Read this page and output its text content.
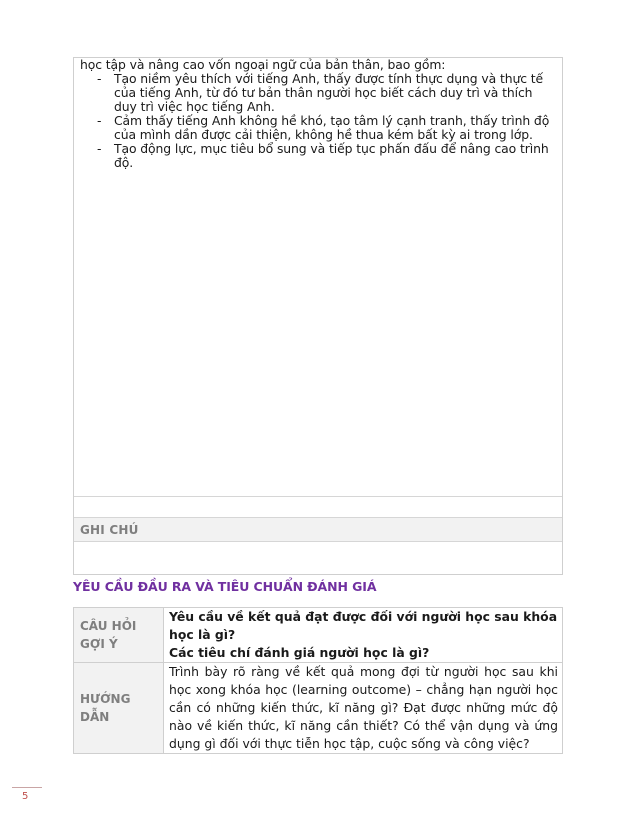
học tập và nâng cao vốn ngoại ngữ của bản thân, bao gồm:
- Tạo niềm yêu thích với tiếng Anh, thấy được tính thực dụng và thực tế của tiếng Anh, từ đó tư bản thân người học biết cách duy trì và thích duy trì việc học tiếng Anh.
- Cảm thấy tiếng Anh không hề khó, tạo tâm lý cạnh tranh, thấy trình độ của mình dần được cải thiện, không hề thua kém bất kỳ ai trong lớp.
- Tạo động lực, mục tiêu bổ sung và tiếp tục phấn đấu để nâng cao trình độ.
GHI CHÚ
YÊU CẦU ĐẦU RA VÀ TIÊU CHUẨN ĐÁNH GIÁ
CÂU HỎI GỢI Ý	Yêu cầu về kết quả đạt được đối với người học sau khóa học là gì?
Các tiêu chí đánh giá người học là gì?

HƯỚNG DẪN	Trình bày rõ ràng về kết quả mong đợi từ người học sau khi học xong khóa học (learning outcome) – chẳng hạn người học cần có những kiến thức, kĩ năng gì? Đạt được những mức độ nào về kiến thức, kĩ năng cần thiết? Có thể vận dụng và ứng dụng gì đối với thực tiễn học tập, cuộc sống và công việc?
5
